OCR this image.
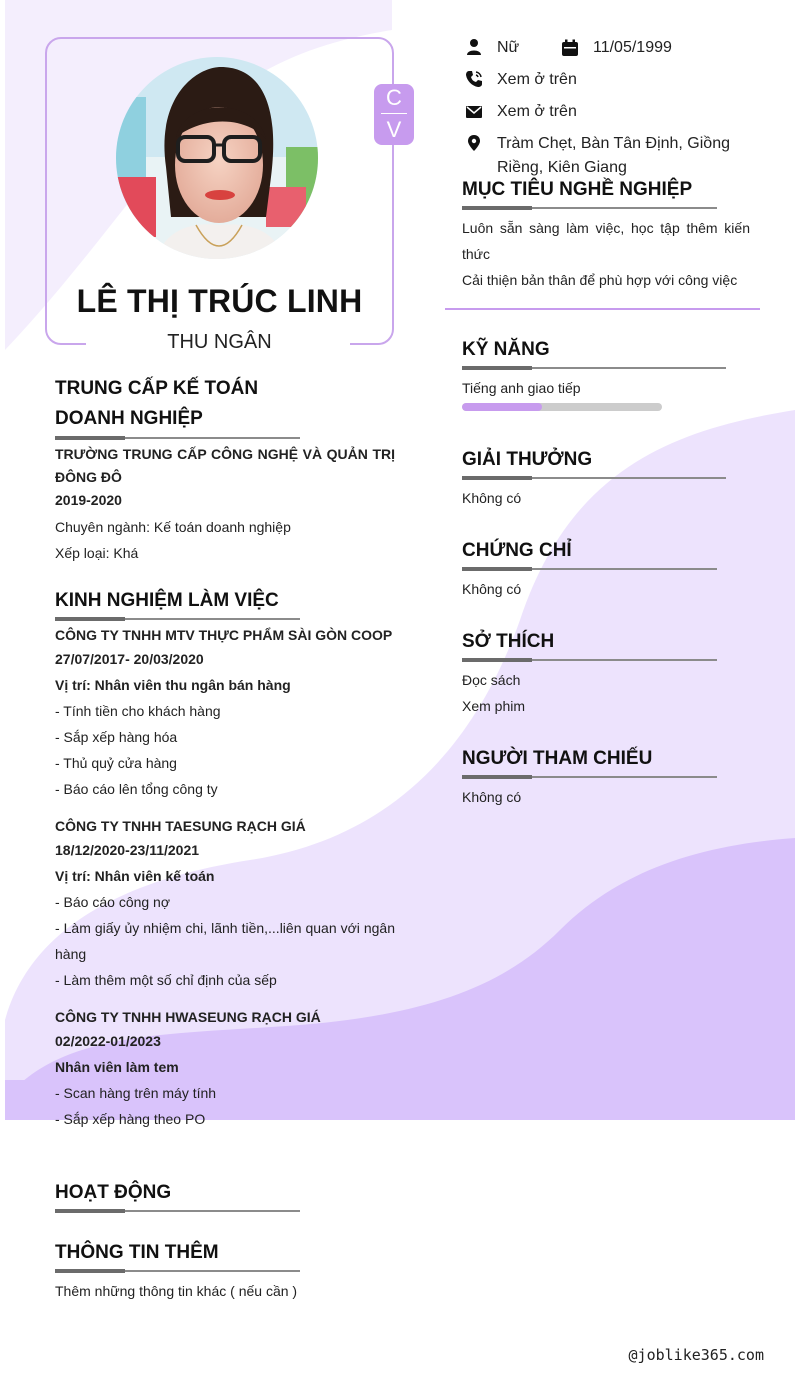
C
V
LÊ THỊ TRÚC LINH
THU NGÂN
Nữ	11/05/1999
Xem ở trên
Xem ở trên
Tràm Chẹt, Bàn Tân Định, Giồng Riềng, Kiên Giang
TRUNG CẤP KẾ TOÁN
DOANH NGHIỆP
TRƯỜNG TRUNG CẤP CÔNG NGHỆ VÀ QUẢN TRỊ ĐÔNG ĐÔ
2019-2020
Chuyên ngành: Kế toán doanh nghiệp
Xếp loại: Khá
KINH NGHIỆM LÀM VIỆC
CÔNG TY TNHH MTV THỰC PHẨM SÀI GÒN COOP
27/07/2017- 20/03/2020
Vị trí: Nhân viên thu ngân bán hàng
- Tính tiền cho khách hàng
- Sắp xếp hàng hóa
- Thủ quỷ cửa hàng
- Báo cáo lên tổng công ty
CÔNG TY TNHH TAESUNG RẠCH GIÁ
18/12/2020-23/11/2021
Vị trí: Nhân viên kế toán
- Báo cáo công nợ
- Làm giấy ủy nhiệm chi, lãnh tiền,...liên quan với ngân hàng
- Làm thêm một số chỉ định của sếp
CÔNG TY TNHH HWASEUNG RẠCH GIÁ
02/2022-01/2023
Nhân viên làm tem
- Scan hàng trên máy tính
- Sắp xếp hàng theo PO
HOẠT ĐỘNG
THÔNG TIN THÊM
Thêm những thông tin khác ( nếu cần )
MỤC TIÊU NGHỀ NGHIỆP
Luôn sẵn sàng làm việc, học tập thêm kiến thức
Cải thiện bản thân để phù hợp với công việc
KỸ NĂNG
Tiếng anh giao tiếp
GIẢI THƯỞNG
Không có
CHỨNG CHỈ
Không có
SỞ THÍCH
Đọc sách
Xem phim
NGƯỜI THAM CHIẾU
Không có
@joblike365.com
